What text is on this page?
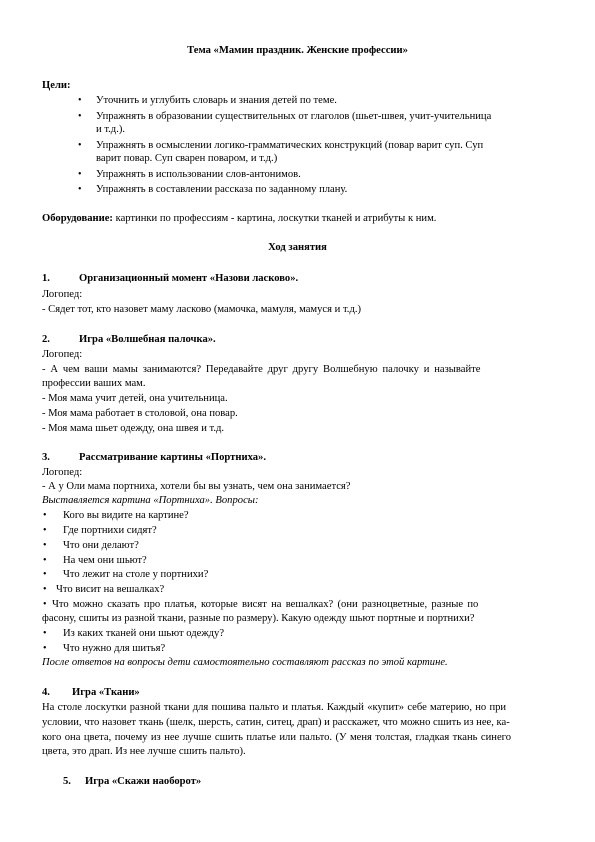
Тема «Мамин праздник. Женские профессии»
Цели:
• Уточнить и углубить словарь и знания детей по теме.
• Упражнять в образовании существительных от глаголов (шьет-швея, учит-учительница
и т.д.).
• Упражнять в осмыслении логико-грамматических конструкций (повар варит суп. Суп
варит повар. Суп сварен поваром, и т.д.)
• Упражнять в использовании слов-антонимов.
• Упражнять в составлении рассказа по заданному плану.
Оборудование: картинки по профессиям - картина, лоскутки тканей и атрибуты к ним.
Ход занятия
1.	Организационный момент «Назови ласково».
Логопед:
- Сядет тот, кто назовет маму ласково (мамочка, мамуля, мамуся и т.д.)
2.	Игра «Волшебная палочка».
Логопед:
- А чем ваши мамы занимаются? Передавайте друг другу Волшебную палочку и называйте
профессии ваших мам.
- Моя мама учит детей, она учительница.
- Моя мама работает в столовой, она повар.
- Моя мама шьет одежду, она швея и т.д.
3.	Рассматривание картины «Портниха».
Логопед:
- А у Оли мама портниха, хотели бы вы узнать, чем она занимается?
Выставляется картина «Портниха». Вопросы:
• Кого вы видите на картине?
• Где портнихи сидят?
• Что они делают?
• На чем они шьют?
• Что лежит на столе у портнихи?
• Что висит на вешалках?
• Что можно сказать про платья, которые висят на вешалках? (они разноцветные, разные по
фасону, сшиты из разной ткани, разные по размеру). Какую одежду шьют портные и портнихи?
• Из каких тканей они шьют одежду?
• Что нужно для шитья?
После ответов на вопросы дети самостоятельно составляют рассказ по этой картине.
4. Игра «Ткани»
На столе лоскутки разной ткани для пошива пальто и платья. Каждый «купит» себе материю, но при
условии, что назовет ткань (шелк, шерсть, сатин, ситец, драп) и расскажет, что можно сшить из нее, ка-
кого она цвета, почему из нее лучше сшить платье или пальто. (У меня толстая, гладкая ткань синего
цвета, это драп. Из нее лучше сшить пальто).
5. Игра «Скажи наоборот»
